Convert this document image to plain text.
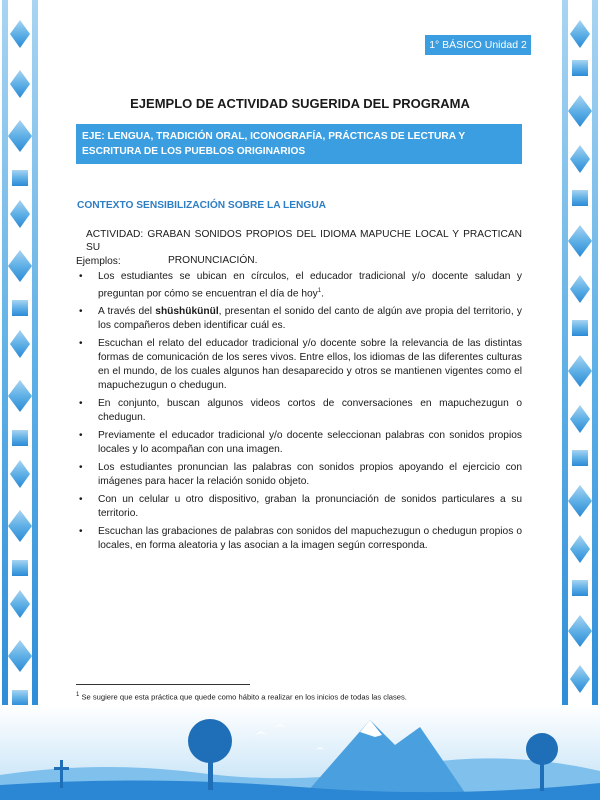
1° BÁSICO Unidad 2
EJEMPLO DE ACTIVIDAD SUGERIDA DEL PROGRAMA
EJE: LENGUA, TRADICIÓN ORAL, ICONOGRAFÍA, PRÁCTICAS DE LECTURA Y ESCRITURA DE LOS PUEBLOS ORIGINARIOS
CONTEXTO SENSIBILIZACIÓN SOBRE LA LENGUA
ACTIVIDAD: GRABAN SONIDOS PROPIOS DEL IDIOMA MAPUCHE LOCAL Y PRACTICAN SU
PRONUNCIACIÓN.
Ejemplos:
• Los estudiantes se ubican en círculos, el educador tradicional y/o docente saludan y preguntan por cómo se encuentran el día de hoy$^1$.
• A través del shüshükünül, presentan el sonido del canto de algún ave propia del territorio, y los compañeros deben identificar cuál es.
• Escuchan el relato del educador tradicional y/o docente sobre la relevancia de las distintas formas de comunicación de los seres vivos. Entre ellos, los idiomas de las diferentes culturas en el mundo, de los cuales algunos han desaparecido y otros se mantienen vigentes como el mapuchezugun o chedugun.
• En conjunto, buscan algunos videos cortos de conversaciones en mapuchezugun o chedugun.
• Previamente el educador tradicional y/o docente seleccionan palabras con sonidos propios locales y lo acompañan con una imagen.
• Los estudiantes pronuncian las palabras con sonidos propios apoyando el ejercicio con imágenes para hacer la relación sonido objeto.
• Con un celular u otro dispositivo, graban la pronunciación de sonidos particulares a su territorio.
• Escuchan las grabaciones de palabras con sonidos del mapuchezugun o chedugun propios o locales, en forma aleatoria y las asocian a la imagen según corresponda.
$^1$ Se sugiere que esta práctica que quede como hábito a realizar en los inicios de todas las clases.
